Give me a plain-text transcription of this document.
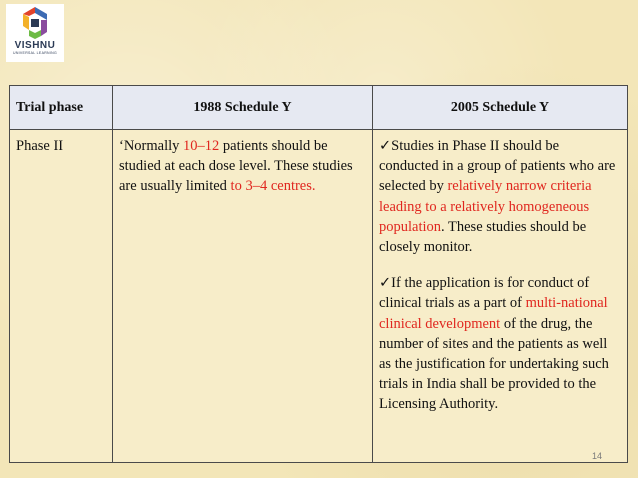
VISHNU
UNIVERSAL LEARNING
Trial phase	1988 Schedule Y	2005 Schedule Y
Phase II	‘Normally 10–12 patients should be studied at each dose level. These studies are usually limited to 3–4 centres.	✓Studies in Phase II should be conducted in a group of patients who are selected by relatively narrow criteria leading to a relatively homogeneous population. These studies should be closely monitor.
✓If the application is for conduct of clinical trials as a part of multi-national clinical development of the drug, the number of sites and the patients as well as the justification for undertaking such trials in India shall be provided to the Licensing Authority.
14
